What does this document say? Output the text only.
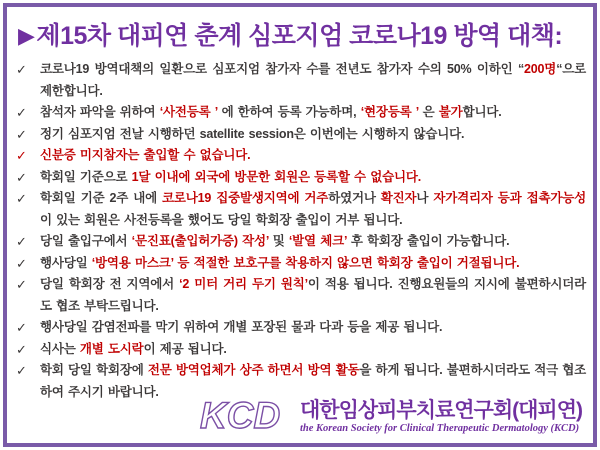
▶제15차 대피연 춘계 심포지엄 코로나19 방역 대책:
✓	코로나19 방역대책의 일환으로 심포지엄 참가자 수를 전년도 참가자 수의 50% 이하인 “200명“으로 제한합니다.
✓	참석자 파악을 위하여 ‘사전등록 ’ 에 한하여 등록 가능하며, ‘현장등록 ’ 은 불가합니다.
✓	정기 심포지엄 전날 시행하던 satellite session은 이번에는 시행하지 않습니다.
✓	신분증 미지참자는 출입할 수 없습니다.
✓	학회일 기준으로 1달 이내에 외국에 방문한 회원은 등록할 수 없습니다.
✓	학회일 기준 2주 내에 코로나19 집중발생지역에 거주하였거나 확진자나 자가격리자 등과 접촉가능성 이 있는 회원은 사전등록을 했어도 당일 학회장 출입이 거부 됩니다.
✓	당일 출입구에서 ‘문진표(출입허가증) 작성’ 및 ‘발열 체크’ 후 학회장 출입이 가능합니다.
✓	행사당일 ‘방역용 마스크’ 등 적절한 보호구를 착용하지 않으면 학회장 출입이 거절됩니다.
✓	당일 학회장 전 지역에서 ‘2 미터 거리 두기 원칙’이 적용 됩니다. 진행요원들의 지시에 불편하시더라도 협조 부탁드립니다.
✓	행사당일 감염전파를 막기 위하여 개별 포장된 물과 다과 등을 제공 됩니다.
✓	식사는 개별 도시락이 제공 됩니다.
✓	학회 당일 학회장에 전문 방역업체가 상주 하면서 방역 활동을 하게 됩니다. 불편하시더라도 적극 협조하여 주시기 바랍니다.
KCD 대한임상피부치료연구회(대피연)
the Korean Society for Clinical Therapeutic Dermatology (KCD)
